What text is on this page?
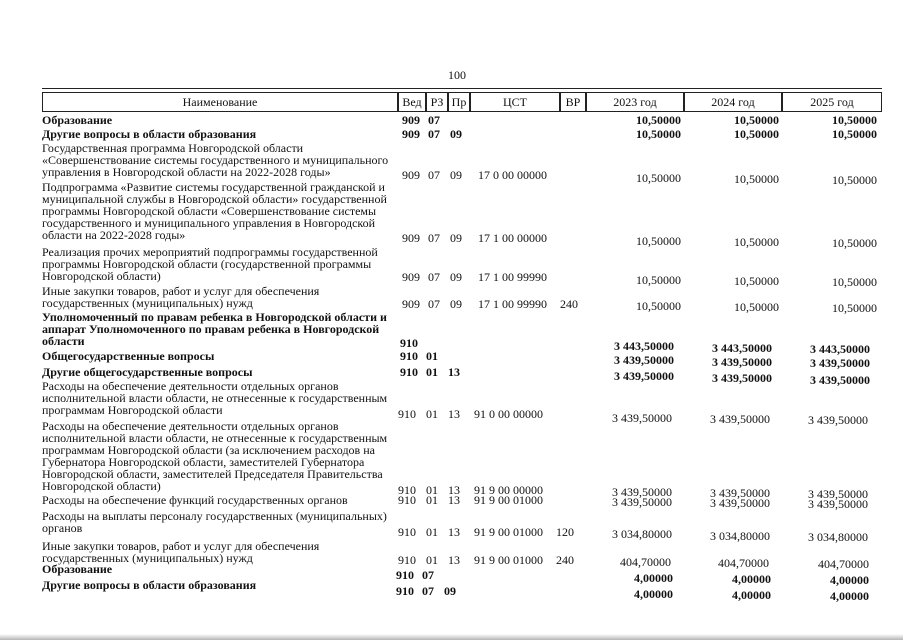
100
Наименование	Вед РЗ Пр	ЦСТ	ВР	2023 год	2024 год	2025 год
Образование	909 07	10,50000	10,50000	10,50000
Другие вопросы в области образования	909 07 09	10,50000	10,50000	10,50000
Государственная программа Новгородской области «Совершенствование системы государственного и муниципального управления в Новгородской области на 2022-2028 годы»	909 07 09 17 0 00 00000	10,50000	10,50000	10,50000
Подпрограмма «Развитие системы государственной гражданской и муниципальной службы в Новгородской области» государственной программы Новгородской области «Совершенствование системы государственного и муниципального управления в Новгородской области на 2022-2028 годы»	909 07 09 17 1 00 00000	10,50000	10,50000	10,50000
Реализация прочих мероприятий подпрограммы государственной программы Новгородской области (государственной программы Новгородской области)	909 07 09 17 1 00 99990	10,50000	10,50000	10,50000
Иные закупки товаров, работ и услуг для обеспечения государственных (муниципальных) нужд	909 07 09 17 1 00 99990 240	10,50000	10,50000	10,50000
Уполномоченный по правам ребенка в Новгородской области и аппарат Уполномоченного по правам ребенка в Новгородской области	910	3 443,50000	3 443,50000	3 443,50000
Общегосударственные вопросы	910 01	3 439,50000	3 439,50000	3 439,50000
Другие общегосударственные вопросы	910 01 13	3 439,50000	3 439,50000	3 439,50000
Расходы на обеспечение деятельности отдельных органов исполнительной власти области, не отнесенные к государственным программам Новгородской области	910 01 13 91 0 00 00000	3 439,50000	3 439,50000	3 439,50000
Расходы на обеспечение деятельности отдельных органов исполнительной власти области, не отнесенные к государственным программам Новгородской области (за исключением расходов на Губернатора Новгородской области, заместителей Губернатора Новгородской области, заместителей Председателя Правительства Новгородской области)	910 01 13 91 9 00 00000	3 439,50000	3 439,50000	3 439,50000
Расходы на обеспечение функций государственных органов	910 01 13 91 9 00 01000	3 439,50000	3 439,50000	3 439,50000
Расходы на выплаты персоналу государственных (муниципальных) органов	910 01 13 91 9 00 01000 120	3 034,80000	3 034,80000	3 034,80000
Иные закупки товаров, работ и услуг для обеспечения государственных (муниципальных) нужд	910 01 13 91 9 00 01000 240	404,70000	404,70000	404,70000
Образование	910 07	4,00000	4,00000	4,00000
Другие вопросы в области образования	910 07 09	4,00000	4,00000	4,00000
